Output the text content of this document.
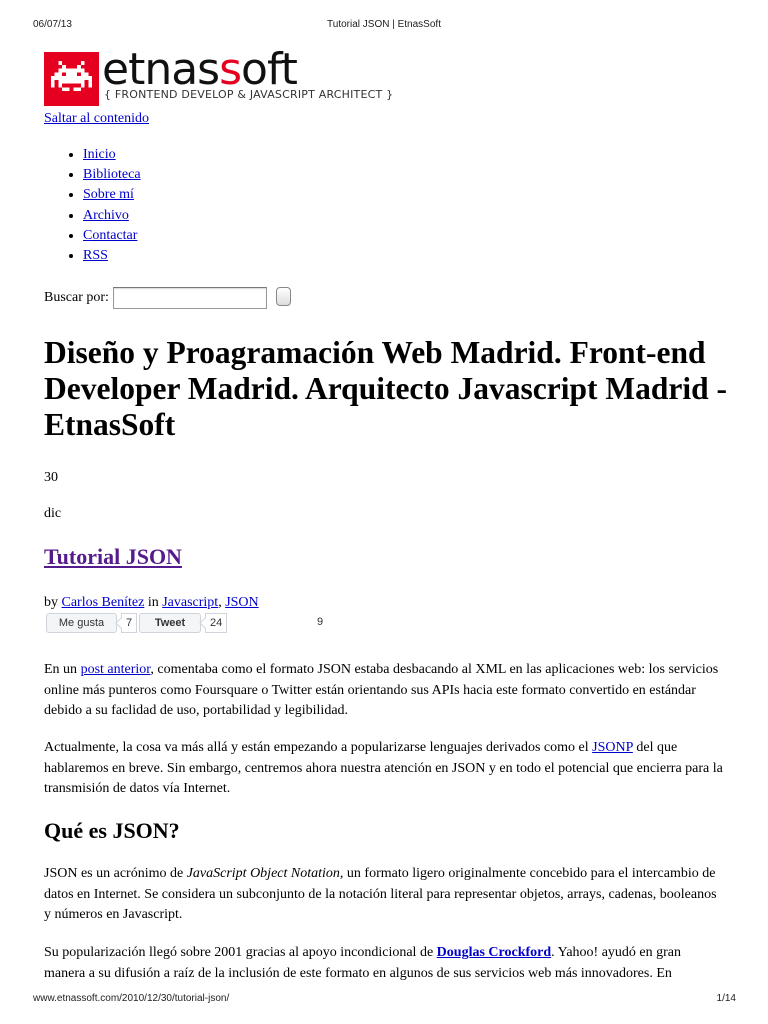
06/07/13	Tutorial JSON | EtnasSoft
etnassoft
{ FRONTEND DEVELOP & JAVASCRIPT ARCHITECT }
Saltar al contenido
• Inicio
• Biblioteca
• Sobre mí
• Archivo
• Contactar
• RSS
Buscar por:
Diseño y Proagramación Web Madrid. Front-end Developer Madrid. Arquitecto Javascript Madrid - EtnasSoft
30
dic
Tutorial JSON
by Carlos Benítez in Javascript, JSON
Me gusta	7	Tweet	24	9

En un post anterior, comentaba como el formato JSON estaba desbacando al XML en las aplicaciones web: los servicios online más punteros como Foursquare o Twitter están orientando sus APIs hacia este formato convertido en estándar debido a su faclidad de uso, portabilidad y legibilidad.

Actualmente, la cosa va más allá y están empezando a popularizarse lenguajes derivados como el JSONP del que hablaremos en breve. Sin embargo, centremos ahora nuestra atención en JSON y en todo el potencial que encierra para la transmisión de datos vía Internet.

Qué es JSON?

JSON es un acrónimo de JavaScript Object Notation, un formato ligero originalmente concebido para el intercambio de datos en Internet. Se considera un subconjunto de la notación literal para representar objetos, arrays, cadenas, booleanos y números en Javascript.

Su popularización llegó sobre 2001 gracias al apoyo incondicional de Douglas Crockford. Yahoo! ayudó en gran manera a su difusión a raíz de la inclusión de este formato en algunos de sus servicios web más innovadores. En

www.etnassoft.com/2010/12/30/tutorial-json/	1/14
